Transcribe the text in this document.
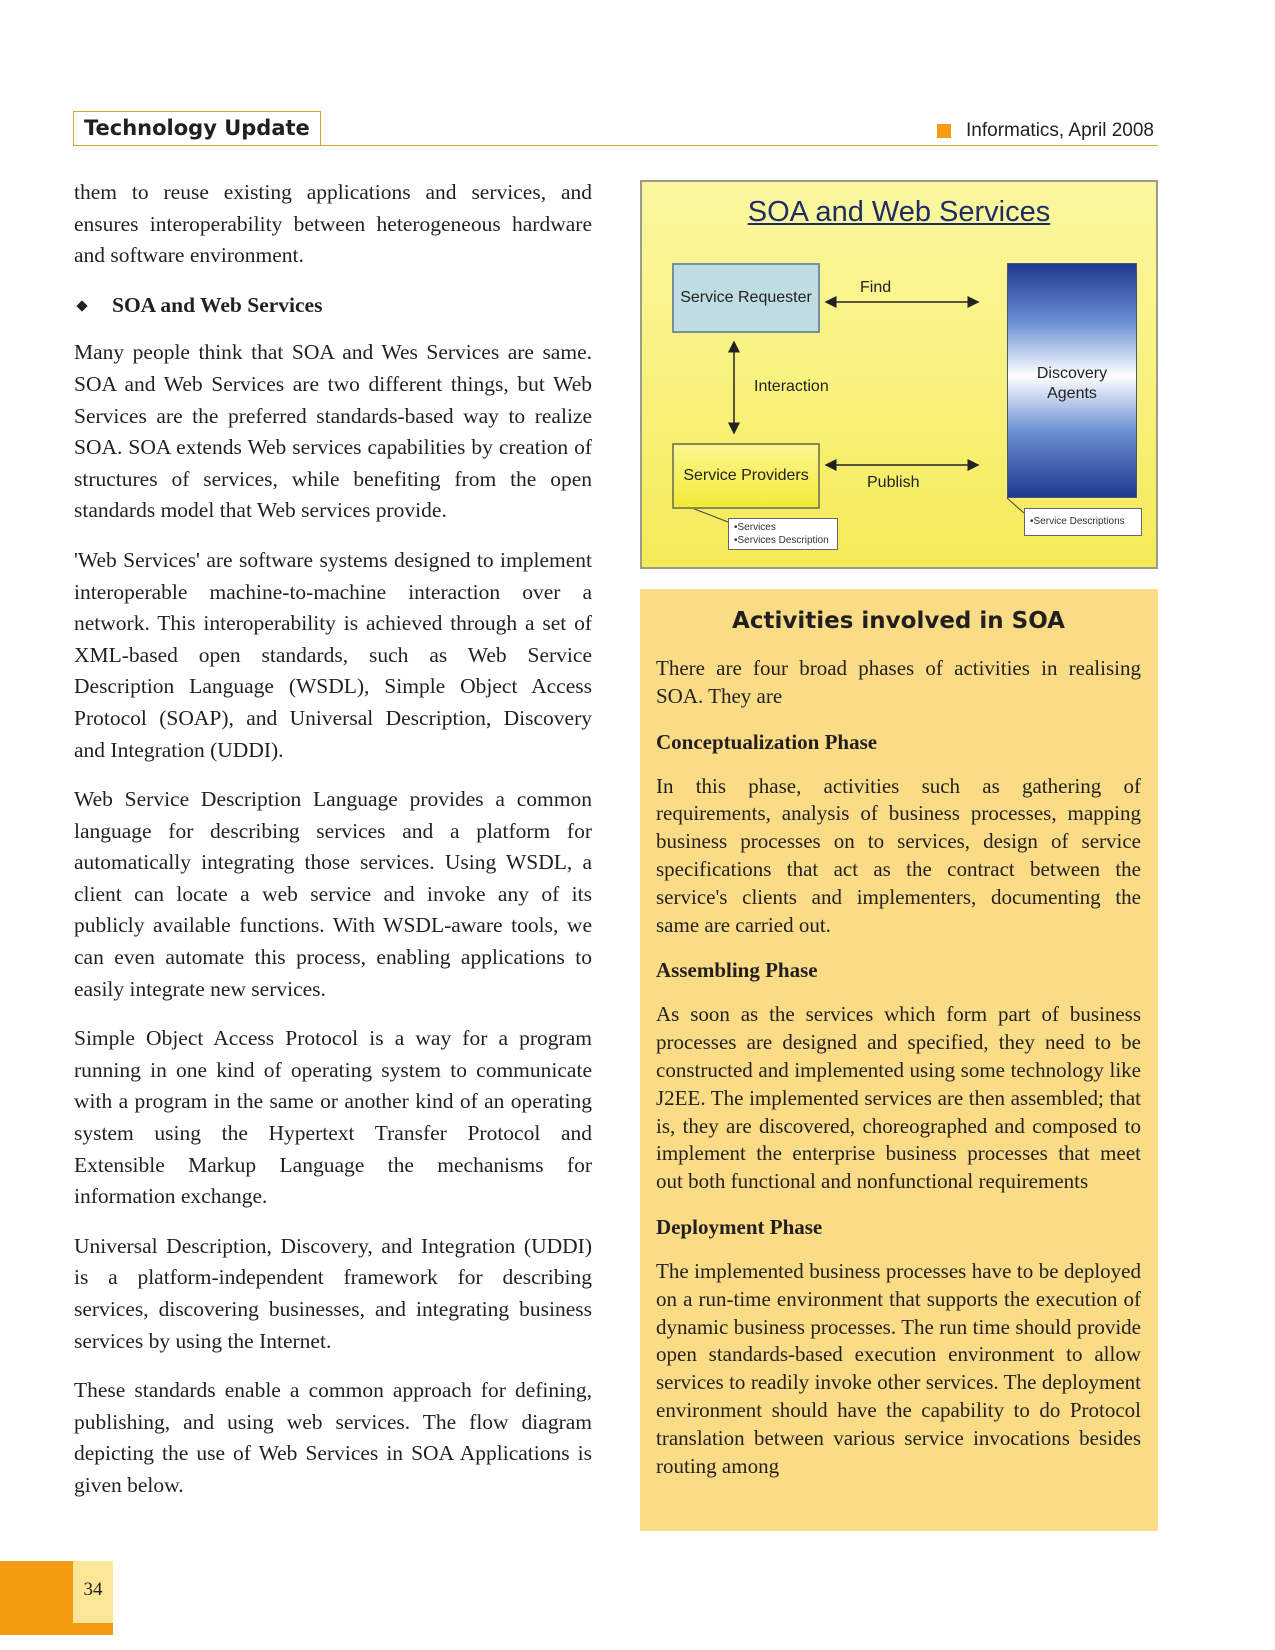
Technology Update	Informatics, April 2008

them to reuse existing applications and services, and ensures interoperability between heterogeneous hardware and software environment.

SOA and Web Services

Many people think that SOA and Wes Services are same. SOA and Web Services are two different things, but Web Services are the preferred standards-based way to realize SOA. SOA extends Web services capabilities by creation of structures of services, while benefiting from the open standards model that Web services provide.

'Web Services' are software systems designed to implement interoperable machine-to-machine interaction over a network. This interoperability is achieved through a set of XML-based open standards, such as Web Service Description Language (WSDL), Simple Object Access Protocol (SOAP), and Universal Description, Discovery and Integration (UDDI).

Web Service Description Language provides a common language for describing services and a platform for automatically integrating those services. Using WSDL, a client can locate a web service and invoke any of its publicly available functions. With WSDL-aware tools, we can even automate this process, enabling applications to easily integrate new services.

Simple Object Access Protocol is a way for a program running in one kind of operating system to communicate with a program in the same or another kind of an operating system using the Hypertext Transfer Protocol and Extensible Markup Language the mechanisms for information exchange.

Universal Description, Discovery, and Integration (UDDI) is a platform-independent framework for describing services, discovering businesses, and integrating business services by using the Internet.

These standards enable a common approach for defining, publishing, and using web services. The flow diagram depicting the use of Web Services in SOA Applications is given below.

SOA and Web Services
Service Requester
Service Providers
Discovery
Agents
Find
Interaction
Publish
•Services
•Services Description
•Service Descriptions
Activities involved in SOA

There are four broad phases of activities in realising SOA. They are

Conceptualization Phase

In this phase, activities such as gathering of requirements, analysis of business processes, mapping business processes on to services, design of service specifications that act as the contract between the service's clients and implementers, documenting the same are carried out.

Assembling Phase

As soon as the services which form part of business processes are designed and specified, they need to be constructed and implemented using some technology like J2EE. The implemented services are then assembled; that is, they are discovered, choreographed and composed to implement the enterprise business processes that meet out both functional and nonfunctional requirements

Deployment Phase

The implemented business processes have to be deployed on a run-time environment that supports the execution of dynamic business processes. The run time should provide open standards-based execution environment to allow services to readily invoke other services. The deployment environment should have the capability to do Protocol translation between various service invocations besides routing among

34
